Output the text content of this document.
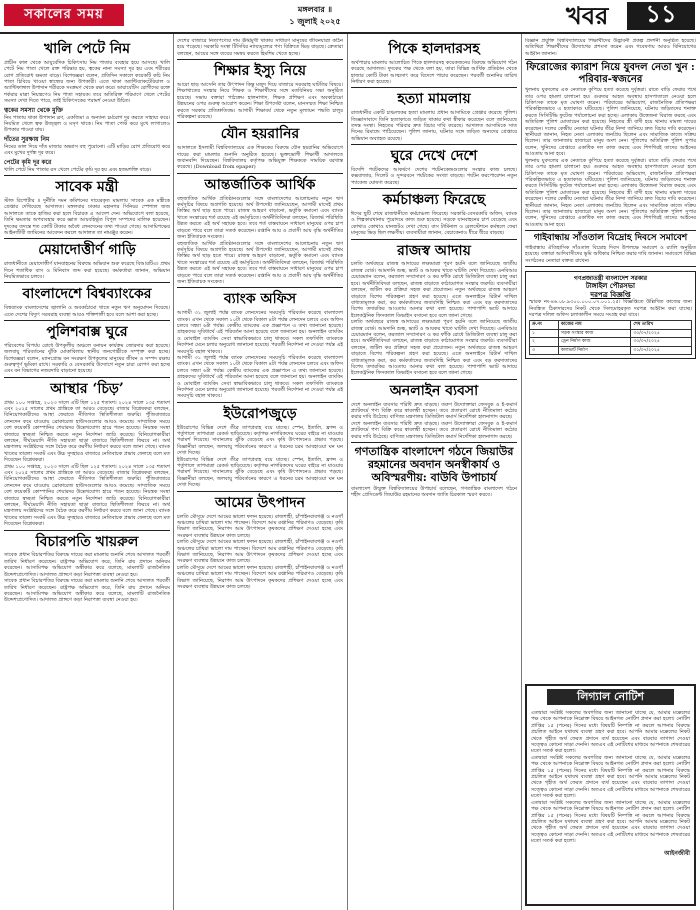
সকালের সময়	মঙ্গলবার ॥
১ জুলাই ২০২৫	খবর	১১
খালি পেটে নিম

প্রাচীন কাল থেকে আয়ুর্বেদিক চিকিৎসায় নিম পাতার ব্যবহার হয়ে আসছে। খালি পেটে নিম পাতা খেলে রক্ত পরিষ্কার হয়, ত্বকের নানা সমস্যা দূর হয় এবং শরীরের রোগ প্রতিরোধ ক্ষমতা বাড়ে। বিশেষজ্ঞরা বলেন, প্রতিদিন সকালে কয়েকটি কচি নিম পাতা চিবিয়ে খাওয়া স্বাস্থ্যের জন্য উপকারী। এতে থাকা অ্যান্টিব্যাকটেরিয়াল ও অ্যান্টিফাঙ্গাল উপাদান শরীরকে সংক্রমণ থেকে রক্ষা করে। ডায়াবেটিস রোগীদের রক্তে শর্করার মাত্রা নিয়ন্ত্রণেও নিম পাতা সহায়ক। তবে অতিরিক্ত পরিমাণে খেলে পেটের সমস্যা দেখা দিতে পারে, তাই চিকিৎসকের পরামর্শ নেওয়া উচিত।

ত্বকের সমস্যা থেকে মুক্তি

নিম পাতায় থাকা উপাদান ব্রণ, একজিমা ও অন্যান্য চর্মরোগ দূর করতে সাহায্য করে। নিয়মিত খেলে ত্বক উজ্জ্বল ও মসৃণ থাকে। নিম পাতা পেস্ট করে মুখে লাগালেও উপকার পাওয়া যায়।

দাঁতের সুরক্ষায় নিম

নিমের ডাল দিয়ে দাঁত মাজার অভ্যাস বহু পুরোনো। এটি মাড়ির রোগ প্রতিরোধ করে এবং মুখের দুর্গন্ধ দূর করে।

পেটের কৃমি দূর করে

খালি পেটে নিম পাতার রস খেলে পেটের কৃমি দূর হয় এবং হজমশক্তি বাড়ে।

সাবেক মন্ত্রী

স্টাফ রিপোর্টার ॥ দুর্নীতি দমন কমিশনের দায়েরকৃত মামলায় সাবেক এক মন্ত্রীকে গ্রেপ্তার দেখিয়েছে আদালত। মঙ্গলবার ঢাকার মহানগর সিনিয়র স্পেশাল জজ আদালতে তাকে হাজির করা হলে বিচারক এ আদেশ দেন। অভিযোগে বলা হয়েছে, তিনি ক্ষমতার অপব্যবহার করে জ্ঞাত আয়বহির্ভূত বিপুল সম্পদের মালিক হয়েছেন। দুদকের তদন্তে শত কোটি টাকার অবৈধ লেনদেনের তথ্য পাওয়া গেছে। আসামিপক্ষের আইনজীবী জামিনের আবেদন করলে আদালত তা নামঞ্জুর করেন।

মেয়াদোত্তীর্ণ গাড়ি

রাজধানীতে মেয়াদোত্তীর্ণ যানবাহনের বিরুদ্ধে অভিযান শুরু করেছে বিআরটিএ। প্রথম দিনে শতাধিক বাস ও মিনিবাস জব্দ করা হয়েছে। কর্মকর্তারা জানান, অভিযান নিয়মিতভাবে চলবে।

বাংলাদেশে বিশ্বব্যাংকের

বিশ্বব্যাংক বাংলাদেশের জ্বালানি ও অবকাঠামো খাতে নতুন ঋণ অনুমোদন দিয়েছে। এতে দেশের বিদ্যুৎ সরবরাহ ব্যবস্থা আরও শক্তিশালী হবে বলে আশা করা হচ্ছে।

পুলিশবাক্স ঘুরে

পরিবেশের বিপর্যয় রোধে উপকূলীয় অঞ্চলে বনায়ন কার্যক্রম জোরদার করা হয়েছে। জলবায়ু পরিবর্তনের ঝুঁকি মোকাবিলায় স্থানীয় জনগোষ্ঠীকে সম্পৃক্ত করা হচ্ছে। বিশেষজ্ঞরা বলেন, ম্যানগ্রোভ বন সংরক্ষণ উপকূলের মানুষের জীবন ও সম্পদ রক্ষায় গুরুত্বপূর্ণ ভূমিকা রাখে। সরকারি ও বেসরকারি উদ্যোগে নতুন চারা রোপণ করা হচ্ছে এবং বন বিভাগের নজরদারি বাড়ানো হয়েছে।

আস্থার ‘চিড়’

প্রথম ১০০ সপ্তাহে, ২০২৩ সালে এটি ছিল ১২৫ শতাংশ। ২০২৪ সালে ১৩৫ শতাংশ এবং ২০২৫ সালের প্রথম প্রান্তিকে তা আরও বেড়েছে। বাজার বিশ্লেষকরা বলছেন, বিনিয়োগকারীদের আস্থা ফেরাতে নীতিগত স্থিতিশীলতা জরুরি। পুঁজিবাজারে লেনদেন কমে যাওয়ায় ব্রোকারেজ হাউসগুলোর আয়ও কমেছে। সাম্প্রতিক সময়ে বেশ কয়েকটি কোম্পানির শেয়ারদর উল্লেখযোগ্য হারে পতন হয়েছে। নিয়ন্ত্রক সংস্থা বাজারে স্বচ্ছতা নিশ্চিত করতে নতুন নির্দেশনা জারি করেছে। বিনিয়োগকারীরা বলছেন, দীর্ঘমেয়াদি নীতি সহায়তা ছাড়া বাজারে স্থিতিশীলতা ফিরবে না। অর্থ মন্ত্রণালয় সংশ্লিষ্টদের সঙ্গে বৈঠক করে করণীয় নির্ধারণ করবে বলে জানা গেছে। ব্যাংক খাতের তারল্য সংকট এবং উচ্চ সুদহারও বাজারে নেতিবাচক প্রভাব ফেলছে বলে মত দিয়েছেন বিশ্লেষকরা।

প্রথম ১০০ সপ্তাহে, ২০২৩ সালে এটি ছিল ১২৫ শতাংশ। ২০২৪ সালে ১৩৫ শতাংশ এবং ২০২৫ সালের প্রথম প্রান্তিকে তা আরও বেড়েছে। বাজার বিশ্লেষকরা বলছেন, বিনিয়োগকারীদের আস্থা ফেরাতে নীতিগত স্থিতিশীলতা জরুরি। পুঁজিবাজারে লেনদেন কমে যাওয়ায় ব্রোকারেজ হাউসগুলোর আয়ও কমেছে। সাম্প্রতিক সময়ে বেশ কয়েকটি কোম্পানির শেয়ারদর উল্লেখযোগ্য হারে পতন হয়েছে। নিয়ন্ত্রক সংস্থা বাজারে স্বচ্ছতা নিশ্চিত করতে নতুন নির্দেশনা জারি করেছে। বিনিয়োগকারীরা বলছেন, দীর্ঘমেয়াদি নীতি সহায়তা ছাড়া বাজারে স্থিতিশীলতা ফিরবে না। অর্থ মন্ত্রণালয় সংশ্লিষ্টদের সঙ্গে বৈঠক করে করণীয় নির্ধারণ করবে বলে জানা গেছে। ব্যাংক খাতের তারল্য সংকট এবং উচ্চ সুদহারও বাজারে নেতিবাচক প্রভাব ফেলছে বলে মত দিয়েছেন বিশ্লেষকরা।

বিচারপতি খায়রুল

সাবেক প্রধান বিচারপতির বিরুদ্ধে দায়ের করা মামলার শুনানি শেষে আদালত পরবর্তী তারিখ নির্ধারণ করেছেন। রাষ্ট্রপক্ষ অভিযোগ করে, তিনি রায় প্রদানে অনিয়ম করেছেন। আসামিপক্ষ অভিযোগ অস্বীকার করে বলেছে, মামলাটি রাজনৈতিক উদ্দেশ্যপ্রণোদিত। আদালত প্রাঙ্গণে কড়া নিরাপত্তা ব্যবস্থা নেওয়া হয়।

সাবেক প্রধান বিচারপতির বিরুদ্ধে দায়ের করা মামলার শুনানি শেষে আদালত পরবর্তী তারিখ নির্ধারণ করেছেন। রাষ্ট্রপক্ষ অভিযোগ করে, তিনি রায় প্রদানে অনিয়ম করেছেন। আসামিপক্ষ অভিযোগ অস্বীকার করে বলেছে, মামলাটি রাজনৈতিক উদ্দেশ্যপ্রণোদিত। আদালত প্রাঙ্গণে কড়া নিরাপত্তা ব্যবস্থা নেওয়া হয়।

দেশের বাজারে নিত্যপণ্যের দাম ঊর্ধ্বমুখী থাকায় সাধারণ মানুষের জীবনযাত্রা কঠিন হয়ে পড়েছে। সরকারি সংস্থা টিসিবির ন্যায্যমূল্যের পণ্য বিক্রিতে ভিড় বাড়ছে। ক্রেতারা বলছেন, আয়ের সঙ্গে ব্যয়ের সমন্বয় করতে হিমশিম খেতে হচ্ছে।

শিক্ষার ইস্যু নিয়ে

আরো ছাড় আসেনি তার উৎপাদন কিন্তু মজুদ দিয়ে বাজারে সরবরাহ ঘাটতির বিষয়ে। শিক্ষাখাতের সংস্কার নিয়ে শিক্ষক ও শিক্ষার্থীদের সঙ্গে মতবিনিময় সভা অনুষ্ঠিত হয়েছে। সভায় বক্তারা পাঠ্যক্রম হালনাগাদ, শিক্ষক প্রশিক্ষণ এবং অবকাঠামো উন্নয়নের ওপর গুরুত্ব আরোপ করেন। শিক্ষা উপদেষ্টা বলেন, মানসম্মত শিক্ষা নিশ্চিত করতে সরকার প্রতিশ্রুতিবদ্ধ। আগামী শিক্ষাবর্ষ থেকে নতুন মূল্যায়ন পদ্ধতি চালুর পরিকল্পনা রয়েছে।

যৌন হয়রানির

আদালতে ইসলামী বিশ্ববিদ্যালয়ের এক শিক্ষকের বিরুদ্ধে যৌন হয়রানির অভিযোগে দায়ের করা মামলার শুনানি অনুষ্ঠিত হয়েছে। ভুক্তভোগী শিক্ষার্থী আদালতে জবানবন্দি দিয়েছেন। বিশ্ববিদ্যালয় কর্তৃপক্ষ অভিযুক্ত শিক্ষককে সাময়িক বরখাস্ত করেছে। (Download from epaper)

আন্তর্জাতিক আর্থিক

বহুজাতিক আর্থিক প্রতিষ্ঠানগুলোর সঙ্গে বাংলাদেশের আলোচনায় নতুন ঋণ কর্মসূচির বিষয়ে অগ্রগতি হয়েছে। অর্থ উপদেষ্টা জানিয়েছেন, আগামী মাসেই প্রথম কিস্তির অর্থ ছাড় হতে পারে। রাজস্ব আহরণ বাড়ানো, ভর্তুকি কমানো এবং ব্যাংক খাতে সংস্কারের শর্ত রয়েছে এই কর্মসূচিতে। অর্থনীতিবিদরা বলছেন, রিজার্ভ পরিস্থিতি উন্নত করতে এই অর্থ সহায়ক হবে। তবে শর্ত বাস্তবায়নে সাধারণ মানুষের ওপর চাপ বাড়তে পারে বলে তারা সতর্ক করেছেন। রপ্তানি আয় ও প্রবাসী আয় বৃদ্ধি অর্থনীতির জন্য ইতিবাচক সংকেত।

বহুজাতিক আর্থিক প্রতিষ্ঠানগুলোর সঙ্গে বাংলাদেশের আলোচনায় নতুন ঋণ কর্মসূচির বিষয়ে অগ্রগতি হয়েছে। অর্থ উপদেষ্টা জানিয়েছেন, আগামী মাসেই প্রথম কিস্তির অর্থ ছাড় হতে পারে। রাজস্ব আহরণ বাড়ানো, ভর্তুকি কমানো এবং ব্যাংক খাতে সংস্কারের শর্ত রয়েছে এই কর্মসূচিতে। অর্থনীতিবিদরা বলছেন, রিজার্ভ পরিস্থিতি উন্নত করতে এই অর্থ সহায়ক হবে। তবে শর্ত বাস্তবায়নে সাধারণ মানুষের ওপর চাপ বাড়তে পারে বলে তারা সতর্ক করেছেন। রপ্তানি আয় ও প্রবাসী আয় বৃদ্ধি অর্থনীতির জন্য ইতিবাচক সংকেত।

ব্যাংক অফিস

আগামী ৩১ জুলাই পর্যন্ত ব্যাংক লেনদেনের সময়সূচি পরিবর্তন করেছে বাংলাদেশ ব্যাংক। এখন থেকে সকাল ১০টা থেকে বিকাল ৪টা পর্যন্ত লেনদেন চলবে এবং অফিস চলবে সন্ধ্যা ৬টা পর্যন্ত। কেন্দ্রীয় ব্যাংকের এক প্রজ্ঞাপনে এ তথ্য জানানো হয়েছে। গ্রাহকদের সুবিধার্থে এই পরিবর্তন আনা হয়েছে বলে জানানো হয়। অনলাইন ব্যাংকিং ও মোবাইল ব্যাংকিং সেবা স্বাভাবিকভাবে চালু থাকবে। সকল তফসিলি ব্যাংককে নির্দেশনা মেনে চলার অনুরোধ জানানো হয়েছে। পরবর্তী নির্দেশনা না দেওয়া পর্যন্ত এই সময়সূচি বহাল থাকবে।

আগামী ৩১ জুলাই পর্যন্ত ব্যাংক লেনদেনের সময়সূচি পরিবর্তন করেছে বাংলাদেশ ব্যাংক। এখন থেকে সকাল ১০টা থেকে বিকাল ৪টা পর্যন্ত লেনদেন চলবে এবং অফিস চলবে সন্ধ্যা ৬টা পর্যন্ত। কেন্দ্রীয় ব্যাংকের এক প্রজ্ঞাপনে এ তথ্য জানানো হয়েছে। গ্রাহকদের সুবিধার্থে এই পরিবর্তন আনা হয়েছে বলে জানানো হয়। অনলাইন ব্যাংকিং ও মোবাইল ব্যাংকিং সেবা স্বাভাবিকভাবে চালু থাকবে। সকল তফসিলি ব্যাংককে নির্দেশনা মেনে চলার অনুরোধ জানানো হয়েছে। পরবর্তী নির্দেশনা না দেওয়া পর্যন্ত এই সময়সূচি বহাল থাকবে।

ইউরোপজুড়ে

ইউরোপের বিভিন্ন দেশে তীব্র তাপপ্রবাহ বয়ে যাচ্ছে। স্পেন, ইতালি, ফ্রান্স ও পর্তুগালে তাপমাত্রা রেকর্ড ছাড়িয়েছে। কর্তৃপক্ষ নাগরিকদের ঘরের বাইরে না যাওয়ার পরামর্শ দিয়েছে। দাবানলের ঝুঁকি বেড়েছে এবং কৃষি উৎপাদনেও প্রভাব পড়ছে। বিজ্ঞানীরা বলছেন, জলবায়ু পরিবর্তনের কারণে এ ধরনের চরম আবহাওয়া ঘন ঘন দেখা দিচ্ছে।

ইউরোপের বিভিন্ন দেশে তীব্র তাপপ্রবাহ বয়ে যাচ্ছে। স্পেন, ইতালি, ফ্রান্স ও পর্তুগালে তাপমাত্রা রেকর্ড ছাড়িয়েছে। কর্তৃপক্ষ নাগরিকদের ঘরের বাইরে না যাওয়ার পরামর্শ দিয়েছে। দাবানলের ঝুঁকি বেড়েছে এবং কৃষি উৎপাদনেও প্রভাব পড়ছে। বিজ্ঞানীরা বলছেন, জলবায়ু পরিবর্তনের কারণে এ ধরনের চরম আবহাওয়া ঘন ঘন দেখা দিচ্ছে।

আমের উৎপাদন

চলতি মৌসুমে দেশে আমের ভালো ফলন হয়েছে। রাজশাহী, চাঁপাইনবাবগঞ্জ ও নওগাঁ অঞ্চলের চাষিরা ভালো দাম পাচ্ছেন। বিদেশে আম রপ্তানির পরিমাণও বেড়েছে। কৃষি বিভাগ জানিয়েছে, নিরাপদ আম উৎপাদনে কৃষকদের প্রশিক্ষণ দেওয়া হচ্ছে এবং সংরক্ষণ ব্যবস্থার উন্নয়নে কাজ চলছে।

চলতি মৌসুমে দেশে আমের ভালো ফলন হয়েছে। রাজশাহী, চাঁপাইনবাবগঞ্জ ও নওগাঁ অঞ্চলের চাষিরা ভালো দাম পাচ্ছেন। বিদেশে আম রপ্তানির পরিমাণও বেড়েছে। কৃষি বিভাগ জানিয়েছে, নিরাপদ আম উৎপাদনে কৃষকদের প্রশিক্ষণ দেওয়া হচ্ছে এবং সংরক্ষণ ব্যবস্থার উন্নয়নে কাজ চলছে।

চলতি মৌসুমে দেশে আমের ভালো ফলন হয়েছে। রাজশাহী, চাঁপাইনবাবগঞ্জ ও নওগাঁ অঞ্চলের চাষিরা ভালো দাম পাচ্ছেন। বিদেশে আম রপ্তানির পরিমাণও বেড়েছে। কৃষি বিভাগ জানিয়েছে, নিরাপদ আম উৎপাদনে কৃষকদের প্রশিক্ষণ দেওয়া হচ্ছে এবং সংরক্ষণ ব্যবস্থার উন্নয়নে কাজ চলছে।

পিকে হালদারসহ

অর্থপাচার মামলায় আলোচিত পিকে হালদারসহ কয়েকজনের বিরুদ্ধে অভিযোগ গঠন করেছে আদালত। দুদকের পক্ষ থেকে বলা হয়, তারা বিভিন্ন আর্থিক প্রতিষ্ঠান থেকে হাজার কোটি টাকা আত্মসাৎ করে বিদেশে পাচার করেছেন। পরবর্তী শুনানির তারিখ নির্ধারণ করা হয়েছে।

হত্যা মামলায়

রাজধানীর একটি চাঞ্চল্যকর হত্যা মামলায় প্রধান আসামিকে গ্রেপ্তার করেছে পুলিশ। জিজ্ঞাসাবাদে তিনি হত্যাকাণ্ডে জড়িত থাকার কথা স্বীকার করেছেন বলে জানিয়েছে তদন্ত সংস্থা। নিহতের পরিবার দ্রুত বিচার দাবি করেছে। আদালত আসামিকে সাত দিনের রিমান্ডে পাঠিয়েছেন। পুলিশ জানায়, ঘটনার সঙ্গে জড়িত অন্যদের গ্রেপ্তারে অভিযান অব্যাহত রয়েছে।

ঘুরে দেখে দেশে

বিদেশি পর্যটকদের আকর্ষণে দেশের পর্যটনকেন্দ্রগুলোর সংস্কার কাজ চলছে। কক্সবাজার, সিলেট ও সুন্দরবনে পর্যটকের সংখ্যা বাড়ছে। পর্যটন করপোরেশন নতুন প্যাকেজ ঘোষণা করেছে।

কর্মচাঞ্চল্য ফিরেছে

ঈদের ছুটি শেষে রাজধানীতে কর্মচাঞ্চল্য ফিরেছে। সরকারি-বেসরকারি অফিস, ব্যাংক ও শিল্পকারখানায় পুরোদমে কাজ শুরু হয়েছে। সড়কে যানবাহনের চাপ বেড়েছে এবং কোথাও কোথাও যানজটও দেখা গেছে। বাস টার্মিনাল ও রেলস্টেশনে কর্মস্থলে ফেরা মানুষের ভিড় ছিল লক্ষণীয়। ব্যবসায়ীরা জানান, বেচাকেনাও ধীরে ধীরে বাড়ছে।

রাজস্ব আদায়

চলতি অর্থবছরে রাজস্ব আদায়ের লক্ষ্যমাত্রা পূরণ হয়নি বলে জানিয়েছে জাতীয় রাজস্ব বোর্ড। আমদানি শুল্ক, ভ্যাট ও আয়কর খাতে ঘাটতি দেখা দিয়েছে। এনবিআর চেয়ারম্যান বলেন, করজাল সম্প্রসারণ ও কর ফাঁকি রোধে ডিজিটাল ব্যবস্থা চালু করা হবে। অর্থনীতিবিদরা বলছেন, রাজস্ব বাড়াতে কাঠামোগত সংস্কার জরুরি। ব্যবসায়ীরা বলছেন, জটিল কর প্রক্রিয়া সহজ করা প্রয়োজন। নতুন অর্থবছরে রাজস্ব আহরণ বাড়াতে বিশেষ পরিকল্পনা গ্রহণ করা হয়েছে। এতে অনলাইনে রিটার্ন দাখিল বাধ্যতামূলক করা, কর কর্মকর্তাদের জবাবদিহি নিশ্চিত করা এবং বড় করদাতাদের বিশেষ তদারকির আওতায় আনার কথা বলা হয়েছে। পাশাপাশি ভ্যাট আদায়ে ইলেকট্রনিক ফিসক্যাল ডিভাইস বসানো হবে বলে জানা গেছে।

চলতি অর্থবছরে রাজস্ব আদায়ের লক্ষ্যমাত্রা পূরণ হয়নি বলে জানিয়েছে জাতীয় রাজস্ব বোর্ড। আমদানি শুল্ক, ভ্যাট ও আয়কর খাতে ঘাটতি দেখা দিয়েছে। এনবিআর চেয়ারম্যান বলেন, করজাল সম্প্রসারণ ও কর ফাঁকি রোধে ডিজিটাল ব্যবস্থা চালু করা হবে। অর্থনীতিবিদরা বলছেন, রাজস্ব বাড়াতে কাঠামোগত সংস্কার জরুরি। ব্যবসায়ীরা বলছেন, জটিল কর প্রক্রিয়া সহজ করা প্রয়োজন। নতুন অর্থবছরে রাজস্ব আহরণ বাড়াতে বিশেষ পরিকল্পনা গ্রহণ করা হয়েছে। এতে অনলাইনে রিটার্ন দাখিল বাধ্যতামূলক করা, কর কর্মকর্তাদের জবাবদিহি নিশ্চিত করা এবং বড় করদাতাদের বিশেষ তদারকির আওতায় আনার কথা বলা হয়েছে। পাশাপাশি ভ্যাট আদায়ে ইলেকট্রনিক ফিসক্যাল ডিভাইস বসানো হবে বলে জানা গেছে।

অনলাইন ব্যবসা

দেশে অনলাইন ব্যবসার পরিধি দ্রুত বাড়ছে। তরুণ উদ্যোক্তারা ফেসবুক ও ই-কমার্স প্ল্যাটফর্মে পণ্য বিক্রি করে স্বাবলম্বী হচ্ছেন। তবে প্রতারণা রোধে নীতিমালা কঠোর করার দাবি উঠেছে। বাণিজ্য মন্ত্রণালয় ডিজিটাল কমার্স নির্দেশিকা হালনাগাদ করছে।

দেশে অনলাইন ব্যবসার পরিধি দ্রুত বাড়ছে। তরুণ উদ্যোক্তারা ফেসবুক ও ই-কমার্স প্ল্যাটফর্মে পণ্য বিক্রি করে স্বাবলম্বী হচ্ছেন। তবে প্রতারণা রোধে নীতিমালা কঠোর করার দাবি উঠেছে। বাণিজ্য মন্ত্রণালয় ডিজিটাল কমার্স নির্দেশিকা হালনাগাদ করছে।

গণতান্ত্রিক বাংলাদেশ গঠনে জিয়াউর রহমানের অবদান অনস্বীকার্য ও অবিস্মরণীয়: বাউবি উপাচার্য

বাংলাদেশ উন্মুক্ত বিশ্ববিদ্যালয়ের উপাচার্য বলেছেন, গণতান্ত্রিক বাংলাদেশ গঠনে শহীদ প্রেসিডেন্ট জিয়াউর রহমানের অবদান জাতি চিরকাল স্মরণ করবে।

বিজ্ঞান প্রযুক্তি বিশ্ববিদ্যালয়ের শিক্ষার্থীদের উদ্ভাবনী প্রকল্প প্রদর্শনী অনুষ্ঠিত হয়েছে। অতিথিরা শিক্ষার্থীদের উদ্যোগের প্রশংসা করেন এবং গবেষণায় আরও বিনিয়োগের আহ্বান জানান।

ফিরোজের ক্যারাশ নিয়ে যুবদল নেতা খুন : পরিবার-স্বজনের

খুলনায় যুবদলের এক নেতাকে কুপিয়ে হত্যা করেছে দুর্বৃত্তরা। রাতে বাড়ি ফেরার পথে তার ওপর হামলা চালানো হয়। গুরুতর আহত অবস্থায় হাসপাতালে নেওয়া হলে চিকিৎসক তাকে মৃত ঘোষণা করেন। পরিবারের অভিযোগ, রাজনৈতিক প্রতিপক্ষরা পরিকল্পিতভাবে এ হত্যাকাণ্ড ঘটিয়েছে। পুলিশ জানিয়েছে, ঘটনায় জড়িতদের শনাক্ত করতে সিসিটিভি ফুটেজ পর্যালোচনা করা হচ্ছে। এলাকায় উত্তেজনা বিরাজ করছে এবং অতিরিক্ত পুলিশ মোতায়েন করা হয়েছে। নিহতের স্ত্রী বাদী হয়ে থানায় মামলা দায়ের করেছেন। দলের কেন্দ্রীয় নেতারা ঘটনার তীব্র নিন্দা জানিয়ে দ্রুত বিচার দাবি করেছেন। স্থানীয়রা জানান, নিহত নেতা এলাকায় জনপ্রিয় ছিলেন এবং সামাজিক কাজে সক্রিয় ছিলেন। তার জানাজায় হাজারো মানুষ অংশ নেন। পুলিশের অতিরিক্ত পুলিশ সুপার বলেন, খুনিদের গ্রেপ্তারে একাধিক দল কাজ করছে এবং শিগগিরই তাদের আইনের আওতায় আনা হবে।

খুলনায় যুবদলের এক নেতাকে কুপিয়ে হত্যা করেছে দুর্বৃত্তরা। রাতে বাড়ি ফেরার পথে তার ওপর হামলা চালানো হয়। গুরুতর আহত অবস্থায় হাসপাতালে নেওয়া হলে চিকিৎসক তাকে মৃত ঘোষণা করেন। পরিবারের অভিযোগ, রাজনৈতিক প্রতিপক্ষরা পরিকল্পিতভাবে এ হত্যাকাণ্ড ঘটিয়েছে। পুলিশ জানিয়েছে, ঘটনায় জড়িতদের শনাক্ত করতে সিসিটিভি ফুটেজ পর্যালোচনা করা হচ্ছে। এলাকায় উত্তেজনা বিরাজ করছে এবং অতিরিক্ত পুলিশ মোতায়েন করা হয়েছে। নিহতের স্ত্রী বাদী হয়ে থানায় মামলা দায়ের করেছেন। দলের কেন্দ্রীয় নেতারা ঘটনার তীব্র নিন্দা জানিয়ে দ্রুত বিচার দাবি করেছেন। স্থানীয়রা জানান, নিহত নেতা এলাকায় জনপ্রিয় ছিলেন এবং সামাজিক কাজে সক্রিয় ছিলেন। তার জানাজায় হাজারো মানুষ অংশ নেন। পুলিশের অতিরিক্ত পুলিশ সুপার বলেন, খুনিদের গ্রেপ্তারে একাধিক দল কাজ করছে এবং শিগগিরই তাদের আইনের আওতায় আনা হবে।

গাইবান্ধায় সাঁওতাল বিদ্রোহ দিবসে সমাবেশ

গাইবান্ধায় ঐতিহাসিক সাঁওতাল বিদ্রোহ দিবস উপলক্ষে সমাবেশ ও র‍্যালি অনুষ্ঠিত হয়েছে। বক্তারা আদিবাসীদের ভূমি অধিকার নিশ্চিত করার দাবি জানান। সমাবেশে বিভিন্ন সংগঠনের নেতারা বক্তব্য রাখেন।

গণপ্রজাতন্ত্রী বাংলাদেশ সরকার
টাঙ্গাইল পৌরসভা
দরপত্র বিজ্ঞপ্তি

স্মারক নং-৪৬.০৮.৯৩০০.০০০.০৭.০০১.২৫। বিজ্ঞপ্তিতে উল্লিখিত কাজের জন্য নিবন্ধিত ঠিকাদারদের নিকট থেকে সিলমোহরকৃত দরপত্র আহ্বান করা যাচ্ছে। দরপত্র দলিল অফিস চলাকালীন সময়ে সংগ্রহ করা যাবে।

ক্র.নং	কাজের নাম	শেষ তারিখ
১	সড়ক সংস্কার কাজ	৩০/০৭/২০২৫
২	ড্রেন নির্মাণ কাজ	৩০/০৭/২০২৫
৩	কালভার্ট নির্মাণ	৩১/০৭/২০২৫
লিগ্যাল নোটিশ

এতদ্বারা সংশ্লিষ্ট সকলের অবগতির জন্য জানানো যাচ্ছে যে, আমার মক্কেলের পক্ষ থেকে আপনাকে নিম্নোক্ত বিষয়ে আইনগত নোটিশ প্রদান করা হলো। নোটিশ প্রাপ্তির ১৫ (পনের) দিনের মধ্যে বিষয়টি নিষ্পত্তি না করলে আপনার বিরুদ্ধে প্রচলিত আইনে যথাযথ ব্যবস্থা গ্রহণ করা হবে। আপনি আমার মক্কেলের নিকট থেকে গৃহীত অর্থ ফেরত প্রদানে ব্যর্থ হয়েছেন এবং বারবার তাগাদা দেওয়া সত্ত্বেও কোনো সাড়া দেননি। অতএব এই নোটিশের মাধ্যমে আপনাকে শেষবারের মতো সতর্ক করা হলো।

এতদ্বারা সংশ্লিষ্ট সকলের অবগতির জন্য জানানো যাচ্ছে যে, আমার মক্কেলের পক্ষ থেকে আপনাকে নিম্নোক্ত বিষয়ে আইনগত নোটিশ প্রদান করা হলো। নোটিশ প্রাপ্তির ১৫ (পনের) দিনের মধ্যে বিষয়টি নিষ্পত্তি না করলে আপনার বিরুদ্ধে প্রচলিত আইনে যথাযথ ব্যবস্থা গ্রহণ করা হবে। আপনি আমার মক্কেলের নিকট থেকে গৃহীত অর্থ ফেরত প্রদানে ব্যর্থ হয়েছেন এবং বারবার তাগাদা দেওয়া সত্ত্বেও কোনো সাড়া দেননি। অতএব এই নোটিশের মাধ্যমে আপনাকে শেষবারের মতো সতর্ক করা হলো।

এতদ্বারা সংশ্লিষ্ট সকলের অবগতির জন্য জানানো যাচ্ছে যে, আমার মক্কেলের পক্ষ থেকে আপনাকে নিম্নোক্ত বিষয়ে আইনগত নোটিশ প্রদান করা হলো। নোটিশ প্রাপ্তির ১৫ (পনের) দিনের মধ্যে বিষয়টি নিষ্পত্তি না করলে আপনার বিরুদ্ধে প্রচলিত আইনে যথাযথ ব্যবস্থা গ্রহণ করা হবে। আপনি আমার মক্কেলের নিকট থেকে গৃহীত অর্থ ফেরত প্রদানে ব্যর্থ হয়েছেন এবং বারবার তাগাদা দেওয়া সত্ত্বেও কোনো সাড়া দেননি। অতএব এই নোটিশের মাধ্যমে আপনাকে শেষবারের মতো সতর্ক করা হলো।

আইনজীবী
